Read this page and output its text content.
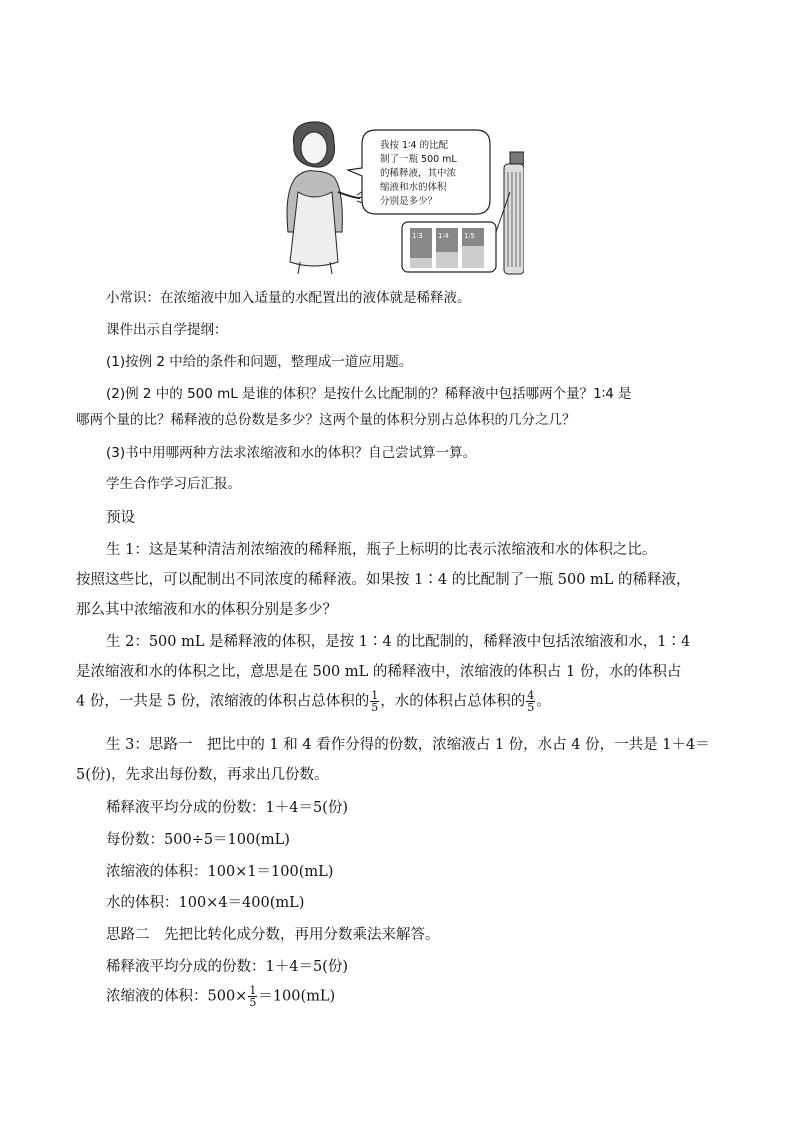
我按 1∶4 的比配
制了一瓶 500 mL
的稀释液，其中浓
缩液和水的体积
分别是多少？
1∶3 1∶4 1∶5
小常识：在浓缩液中加入适量的水配置出的液体就是稀释液。
课件出示自学提纲：
(1)按例 2 中给的条件和问题，整理成一道应用题。
(2)例 2 中的 500 mL 是谁的体积？是按什么比配制的？稀释液中包括哪两个量？1∶4 是
哪两个量的比？稀释液的总份数是多少？这两个量的体积分别占总体积的几分之几？
(3)书中用哪两种方法求浓缩液和水的体积？自己尝试算一算。
学生合作学习后汇报。
预设
生 1：这是某种清洁剂浓缩液的稀释瓶，瓶子上标明的比表示浓缩液和水的体积之比。
按照这些比，可以配制出不同浓度的稀释液。如果按 1∶4 的比配制了一瓶 500 mL 的稀释液，
那么其中浓缩液和水的体积分别是多少？
生 2：500 mL 是稀释液的体积，是按 1∶4 的比配制的，稀释液中包括浓缩液和水，1∶4
是浓缩液和水的体积之比，意思是在 500 mL 的稀释液中，浓缩液的体积占 1 份，水的体积占
4 份，一共是 5 份，浓缩液的体积占总体积的 $\frac{1}{5}$ ，水的体积占总体积的 $\frac{4}{5}$ 。
生 3：思路一　把比中的 1 和 4 看作分得的份数，浓缩液占 1 份，水占 4 份，一共是 1＋4＝
5(份)，先求出每份数，再求出几份数。
稀释液平均分成的份数：1＋4＝5(份)
每份数：500÷5＝100(mL)
浓缩液的体积：100×1＝100(mL)
水的体积：100×4＝400(mL)
思路二　先把比转化成分数，再用分数乘法来解答。
稀释液平均分成的份数：1＋4＝5(份)
浓缩液的体积：$500\times \frac{1}{5} =100(mL)$
